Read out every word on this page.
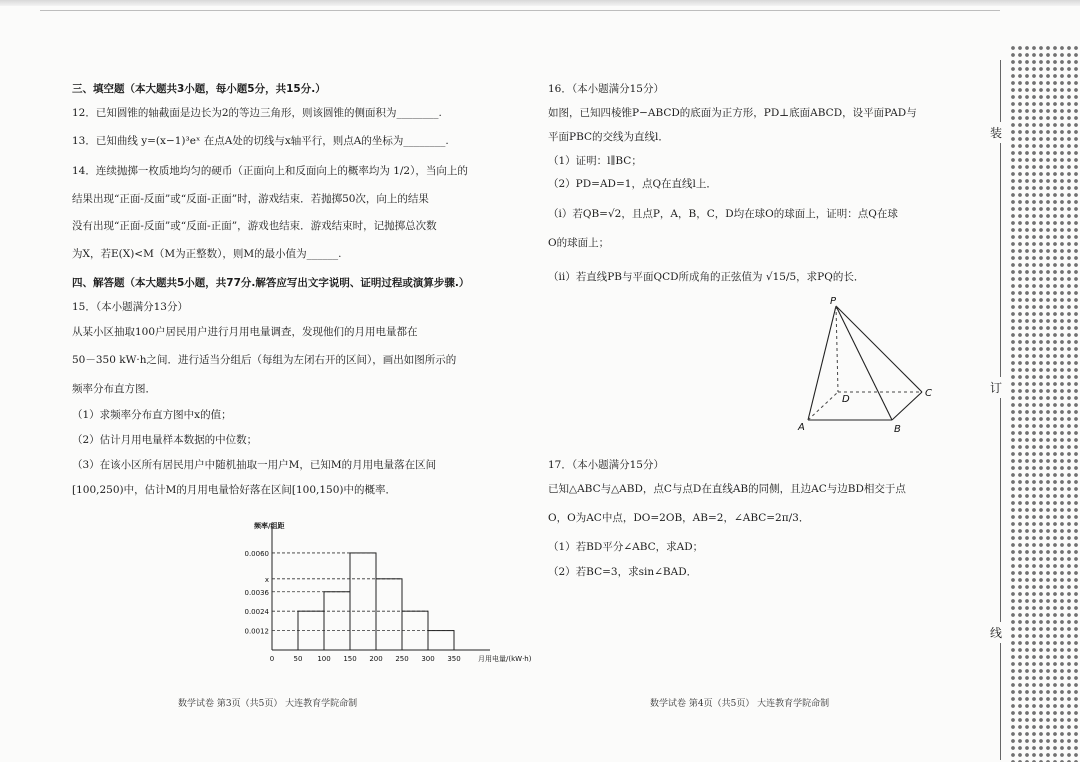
三、填空题（本大题共3小题，每小题5分，共15分.）
12．已知圆锥的轴截面是边长为2的等边三角形，则该圆锥的侧面积为________.
13．已知曲线 y=(x−1)³eˣ 在点A处的切线与x轴平行，则点A的坐标为________.
14．连续抛掷一枚质地均匀的硬币（正面向上和反面向上的概率均为 1/2），当向上的
结果出现“正面-反面”或“反面-正面”时，游戏结束．若抛掷50次，向上的结果
没有出现“正面-反面”或“反面-正面”，游戏也结束．游戏结束时，记抛掷总次数
为X，若E(X)<M（M为正整数），则M的最小值为______.
四、解答题（本大题共5小题，共77分.解答应写出文字说明、证明过程或演算步骤.）
15．（本小题满分13分）
从某小区抽取100户居民用户进行月用电量调查，发现他们的月用电量都在
50－350 kW·h之间．进行适当分组后（每组为左闭右开的区间），画出如图所示的
频率分布直方图．
（1）求频率分布直方图中x的值；
（2）估计月用电量样本数据的中位数；
（3）在该小区所有居民用户中随机抽取一用户M，已知M的月用电量落在区间
[100,250)中，估计M的月用电量恰好落在区间[100,150)中的概率．
0.0012
0.0024
x
0.0036
0.0060
0	50 100 150 200 250 300 350 月用电量/(kW·h)
频率/组距
数学试卷 第3页（共5页） 大连教育学院命制
16．（本小题满分15分）
如图，已知四棱锥P−ABCD的底面为正方形，PD⊥底面ABCD，设平面PAD与
平面PBC的交线为直线l．
（1）证明：l∥BC；
（2）PD=AD=1，点Q在直线l上．
（i）若QB=√2，且点P，A，B，C，D均在球O的球面上，证明：点Q在球
O的球面上；
（ii）若直线PB与平面QCD所成角的正弦值为 √15/5，求PQ的长．
P
D
C
A	B
17．（本小题满分15分）
已知△ABC与△ABD，点C与点D在直线AB的同侧，且边AC与边BD相交于点
O，O为AC中点，DO=2OB，AB=2，∠ABC=2π/3．
（1）若BD平分∠ABC，求AD；
（2）若BC=3，求sin∠BAD．
数学试卷 第4页（共5页） 大连教育学院命制
装
订
线
